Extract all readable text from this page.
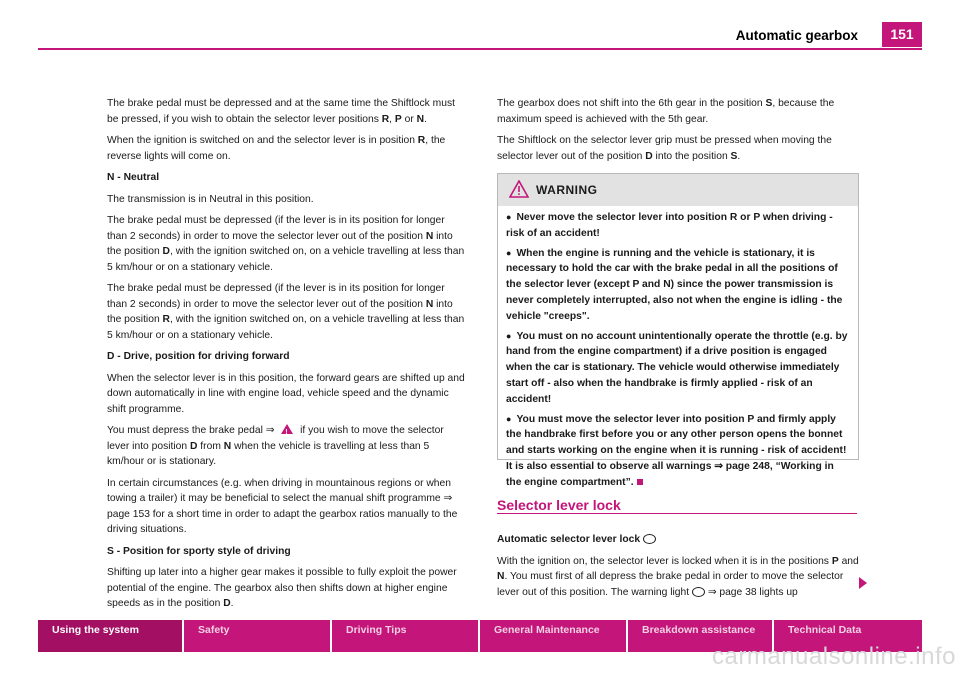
Automatic gearbox	151

The brake pedal must be depressed and at the same time the Shiftlock must be pressed, if you wish to obtain the selector lever positions R, P or N.

When the ignition is switched on and the selector lever is in position R, the reverse lights will come on.

N - Neutral

The transmission is in Neutral in this position.

The brake pedal must be depressed (if the lever is in its position for longer than 2 seconds) in order to move the selector lever out of the position N into the position D, with the ignition switched on, on a vehicle travelling at less than 5 km/hour or on a stationary vehicle.

The brake pedal must be depressed (if the lever is in its position for longer than 2 seconds) in order to move the selector lever out of the position N into the position R, with the ignition switched on, on a vehicle travelling at less than 5 km/hour or on a stationary vehicle.

D - Drive, position for driving forward

When the selector lever is in this position, the forward gears are shifted up and down automatically in line with engine load, vehicle speed and the dynamic shift programme.

You must depress the brake pedal ⇒ ! if you wish to move the selector lever into position D from N when the vehicle is travelling at less than 5 km/hour or is stationary.

In certain circumstances (e.g. when driving in mountainous regions or when towing a trailer) it may be beneficial to select the manual shift programme ⇒ page 153 for a short time in order to adapt the gearbox ratios manually to the driving situations.

S - Position for sporty style of driving

Shifting up later into a higher gear makes it possible to fully exploit the power potential of the engine. The gearbox also then shifts down at higher engine speeds as in the position D.

The gearbox does not shift into the 6th gear in the position S, because the maximum speed is achieved with the 5th gear.

The Shiftlock on the selector lever grip must be pressed when moving the selector lever out of the position D into the position S.

WARNING

● Never move the selector lever into position R or P when driving - risk of an accident!

● When the engine is running and the vehicle is stationary, it is necessary to hold the car with the brake pedal in all the positions of the selector lever (except P and N) since the power transmission is never completely interrupted, also not when the engine is idling - the vehicle "creeps".

● You must on no account unintentionally operate the throttle (e.g. by hand from the engine compartment) if a drive position is engaged when the car is stationary. The vehicle would otherwise immediately start off - also when the handbrake is firmly applied - risk of an accident!

● You must move the selector lever into position P and firmly apply the handbrake first before you or any other person opens the bonnet and starts working on the engine when it is running - risk of accident! It is also essential to observe all warnings ⇒ page 248, “Working in the engine compartment”.

Selector lever lock

Automatic selector lever lock

With the ignition on, the selector lever is locked when it is in the positions P and N. You must first of all depress the brake pedal in order to move the selector lever out of this position. The warning light  ⇒ page 38 lights up

Using the system	Safety	Driving Tips	General Maintenance	Breakdown assistance	Technical Data
carmanualsonline.info
